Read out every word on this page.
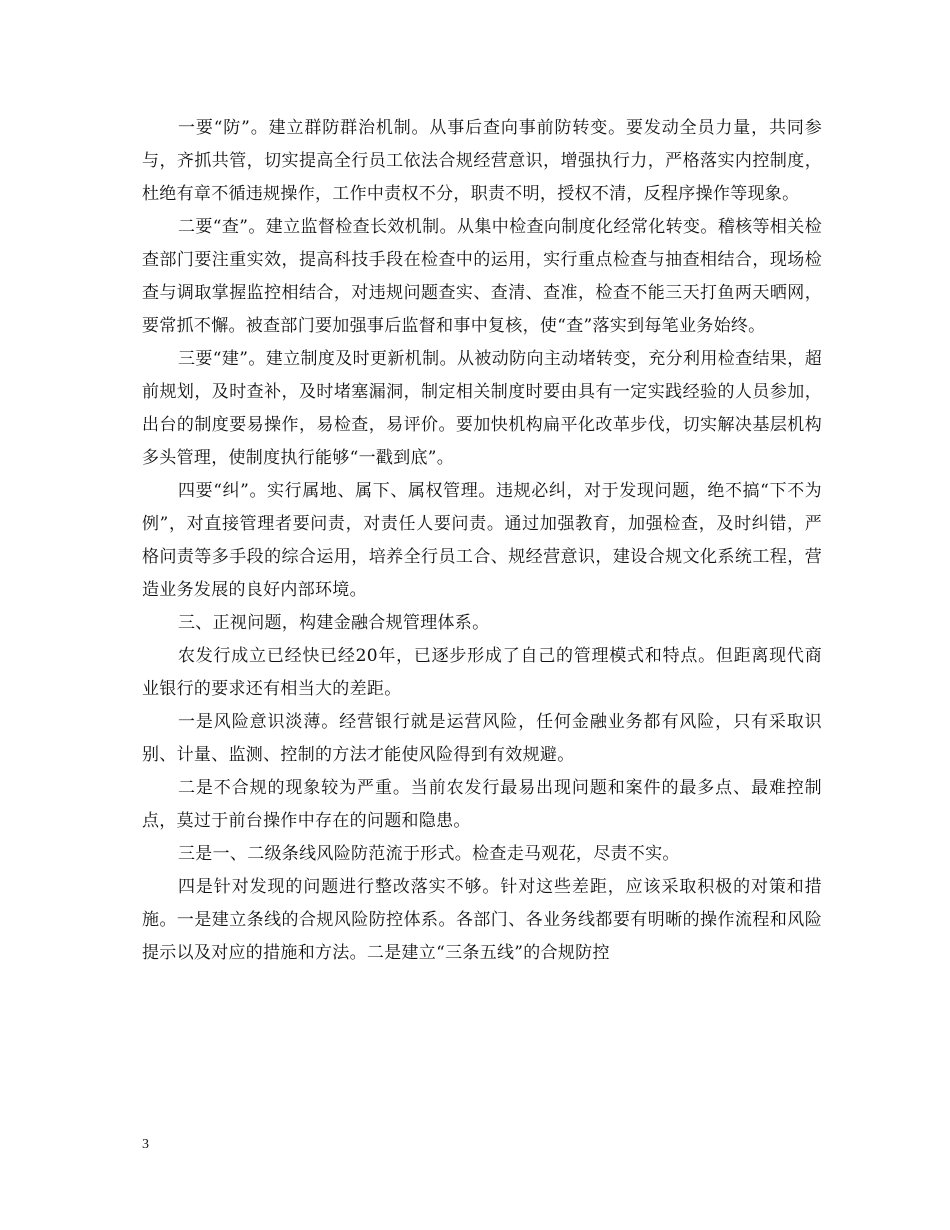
一要“防”。建立群防群治机制。从事后查向事前防转变。要发动全员力量，共同参与，齐抓共管，切实提高全行员工依法合规经营意识，增强执行力，严格落实内控制度，杜绝有章不循违规操作，工作中责权不分，职责不明，授权不清，反程序操作等现象。

二要“查”。建立监督检查长效机制。从集中检查向制度化经常化转变。稽核等相关检查部门要注重实效，提高科技手段在检查中的运用，实行重点检查与抽查相结合，现场检查与调取掌握监控相结合，对违规问题查实、查清、查准，检查不能三天打鱼两天晒网，要常抓不懈。被查部门要加强事后监督和事中复核，使“查”落实到每笔业务始终。

三要“建”。建立制度及时更新机制。从被动防向主动堵转变，充分利用检查结果，超前规划，及时查补，及时堵塞漏洞，制定相关制度时要由具有一定实践经验的人员参加，出台的制度要易操作，易检查，易评价。要加快机构扁平化改革步伐，切实解决基层机构多头管理，使制度执行能够“一戳到底”。

四要“纠”。实行属地、属下、属权管理。违规必纠，对于发现问题，绝不搞“下不为例”，对直接管理者要问责，对责任人要问责。通过加强教育，加强检查，及时纠错，严格问责等多手段的综合运用，培养全行员工合、规经营意识，建设合规文化系统工程，营造业务发展的良好内部环境。

三、正视问题，构建金融合规管理体系。

农发行成立已经快已经20年，已逐步形成了自己的管理模式和特点。但距离现代商业银行的要求还有相当大的差距。

一是风险意识淡薄。经营银行就是运营风险，任何金融业务都有风险，只有采取识别、计量、监测、控制的方法才能使风险得到有效规避。

二是不合规的现象较为严重。当前农发行最易出现问题和案件的最多点、最难控制点，莫过于前台操作中存在的问题和隐患。

三是一、二级条线风险防范流于形式。检查走马观花，尽责不实。

四是针对发现的问题进行整改落实不够。针对这些差距，应该采取积极的对策和措施。一是建立条线的合规风险防控体系。各部门、各业务线都要有明晰的操作流程和风险提示以及对应的措施和方法。二是建立“三条五线”的合规防控

3
